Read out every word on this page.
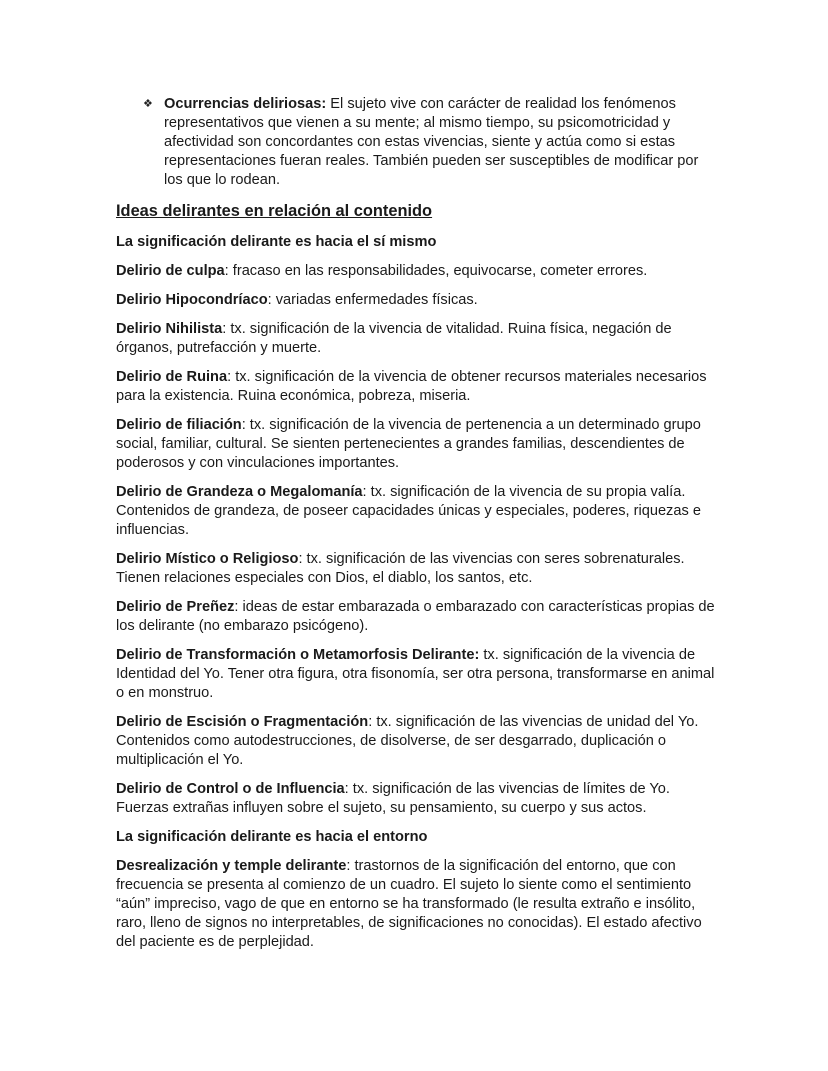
❖ Ocurrencias deliriosas: El sujeto vive con carácter de realidad los fenómenos representativos que vienen a su mente; al mismo tiempo, su psicomotricidad y afectividad son concordantes con estas vivencias, siente y actúa como si estas representaciones fueran reales. También pueden ser susceptibles de modificar por los que lo rodean.
Ideas delirantes en relación al contenido

La significación delirante es hacia el sí mismo

Delirio de culpa: fracaso en las responsabilidades, equivocarse, cometer errores.

Delirio Hipocondríaco: variadas enfermedades físicas.

Delirio Nihilista: tx. significación de la vivencia de vitalidad. Ruina física, negación de órganos, putrefacción y muerte.

Delirio de Ruina: tx. significación de la vivencia de obtener recursos materiales necesarios para la existencia. Ruina económica, pobreza, miseria.

Delirio de filiación: tx. significación de la vivencia de pertenencia a un determinado grupo social, familiar, cultural. Se sienten pertenecientes a grandes familias, descendientes de poderosos y con vinculaciones importantes.

Delirio de Grandeza o Megalomanía: tx. significación de la vivencia de su propia valía. Contenidos de grandeza, de poseer capacidades únicas y especiales, poderes, riquezas e influencias.

Delirio Místico o Religioso: tx. significación de las vivencias con seres sobrenaturales. Tienen relaciones especiales con Dios, el diablo, los santos, etc.

Delirio de Preñez: ideas de estar embarazada o embarazado con características propias de los delirante (no embarazo psicógeno).

Delirio de Transformación o Metamorfosis Delirante: tx. significación de la vivencia de Identidad del Yo. Tener otra figura, otra fisonomía, ser otra persona, transformarse en animal o en monstruo.

Delirio de Escisión o Fragmentación: tx. significación de las vivencias de unidad del Yo. Contenidos como autodestrucciones, de disolverse, de ser desgarrado, duplicación o multiplicación el Yo.

Delirio de Control o de Influencia: tx. significación de las vivencias de límites de Yo. Fuerzas extrañas influyen sobre el sujeto, su pensamiento, su cuerpo y sus actos.

La significación delirante es hacia el entorno

Desrealización y temple delirante: trastornos de la significación del entorno, que con frecuencia se presenta al comienzo de un cuadro. El sujeto lo siente como el sentimiento “aún” impreciso, vago de que en entorno se ha transformado (le resulta extraño e insólito, raro, lleno de signos no interpretables, de significaciones no conocidas). El estado afectivo del paciente es de perplejidad.
